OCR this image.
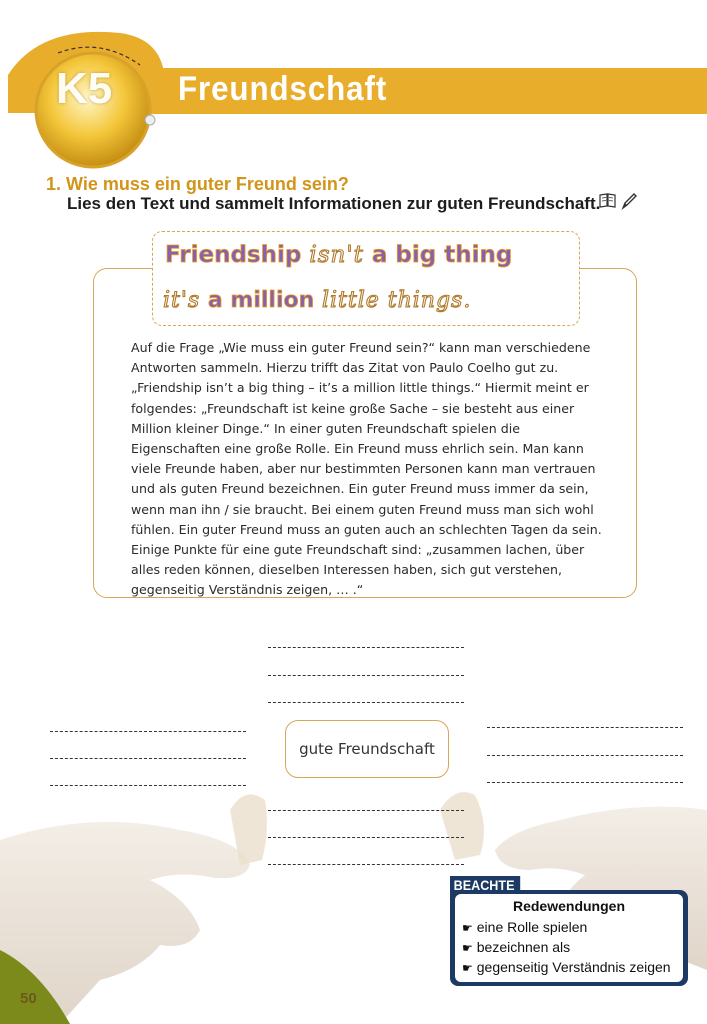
K5 Freundschaft
1. Wie muss ein guter Freund sein?
Lies den Text und sammelt Informationen zur guten Freundschaft.
Friendship isn't a big thing
it's a million little things.

Auf die Frage „Wie muss ein guter Freund sein?“ kann man verschiedene Antworten sammeln. Hierzu trifft das Zitat von Paulo Coelho gut zu. „Friendship isn’t a big thing – it’s a million little things.“ Hiermit meint er folgendes: „Freundschaft ist keine große Sache – sie besteht aus einer Million kleiner Dinge.“ In einer guten Freundschaft spielen die Eigenschaften eine große Rolle. Ein Freund muss ehrlich sein. Man kann viele Freunde haben, aber nur bestimmten Personen kann man vertrauen und als guten Freund bezeichnen. Ein guter Freund muss immer da sein, wenn man ihn / sie braucht. Bei einem guten Freund muss man sich wohl fühlen. Ein guter Freund muss an guten auch an schlechten Tagen da sein. Einige Punkte für eine gute Freundschaft sind: „zusammen lachen, über alles reden können, dieselben Interessen haben, sich gut verstehen, gegenseitig Verständnis zeigen, … .“

gute Freundschaft
BEACHTE
Redewendungen
☛ eine Rolle spielen
☛ bezeichnen als
☛ gegenseitig Verständnis zeigen
50
